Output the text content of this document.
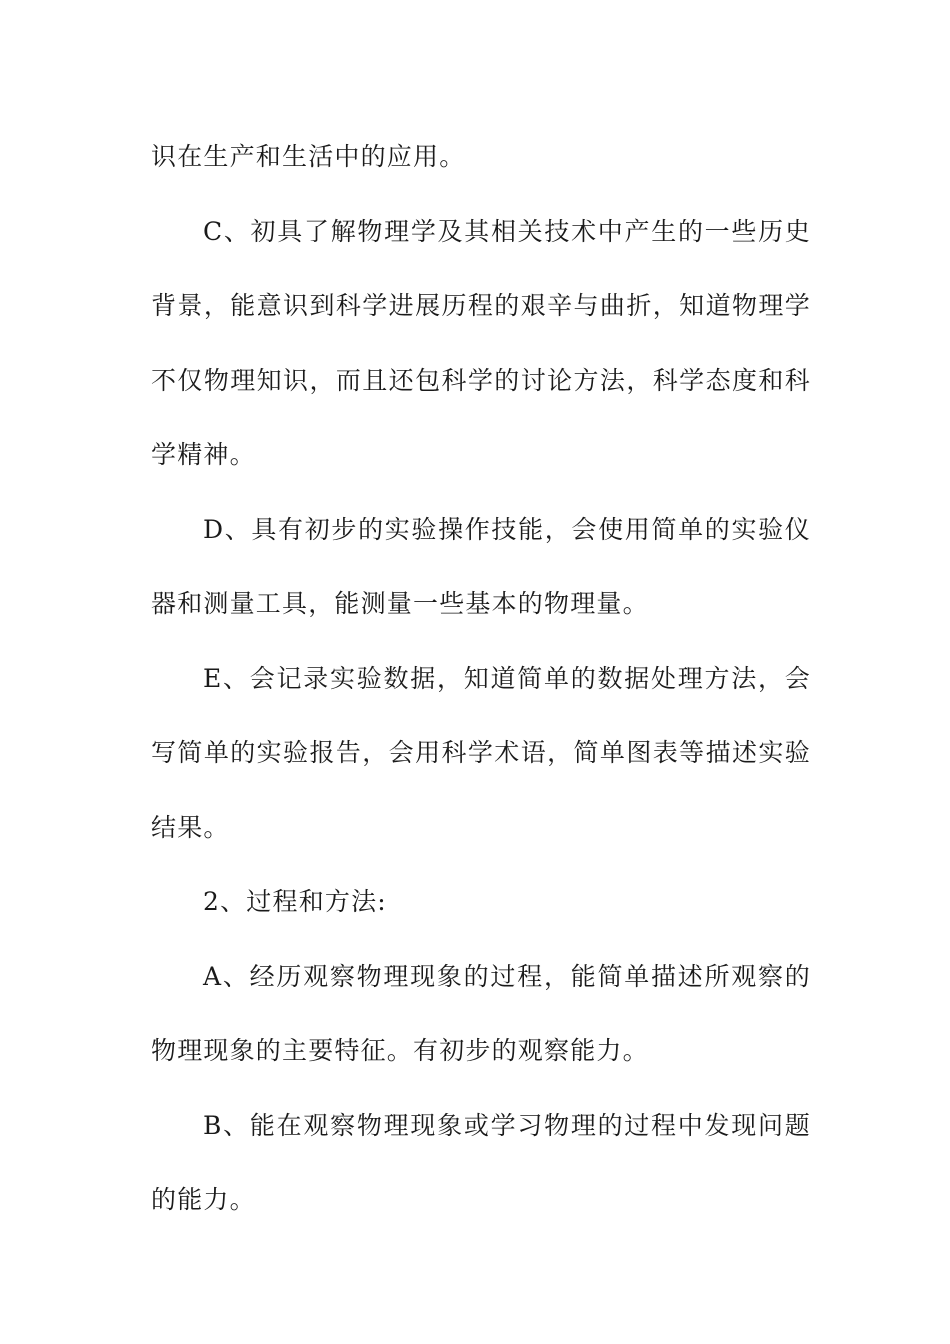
识在生产和生活中的应用。

C、初具了解物理学及其相关技术中产生的一些历史背景，能意识到科学进展历程的艰辛与曲折，知道物理学不仅物理知识，而且还包科学的讨论方法，科学态度和科学精神。

D、具有初步的实验操作技能，会使用简单的实验仪器和测量工具，能测量一些基本的物理量。

E、会记录实验数据，知道简单的数据处理方法，会写简单的实验报告，会用科学术语，简单图表等描述实验结果。

2、过程和方法:

A、经历观察物理现象的过程，能简单描述所观察的物理现象的主要特征。有初步的观察能力。

B、能在观察物理现象或学习物理的过程中发现问题的能力。
